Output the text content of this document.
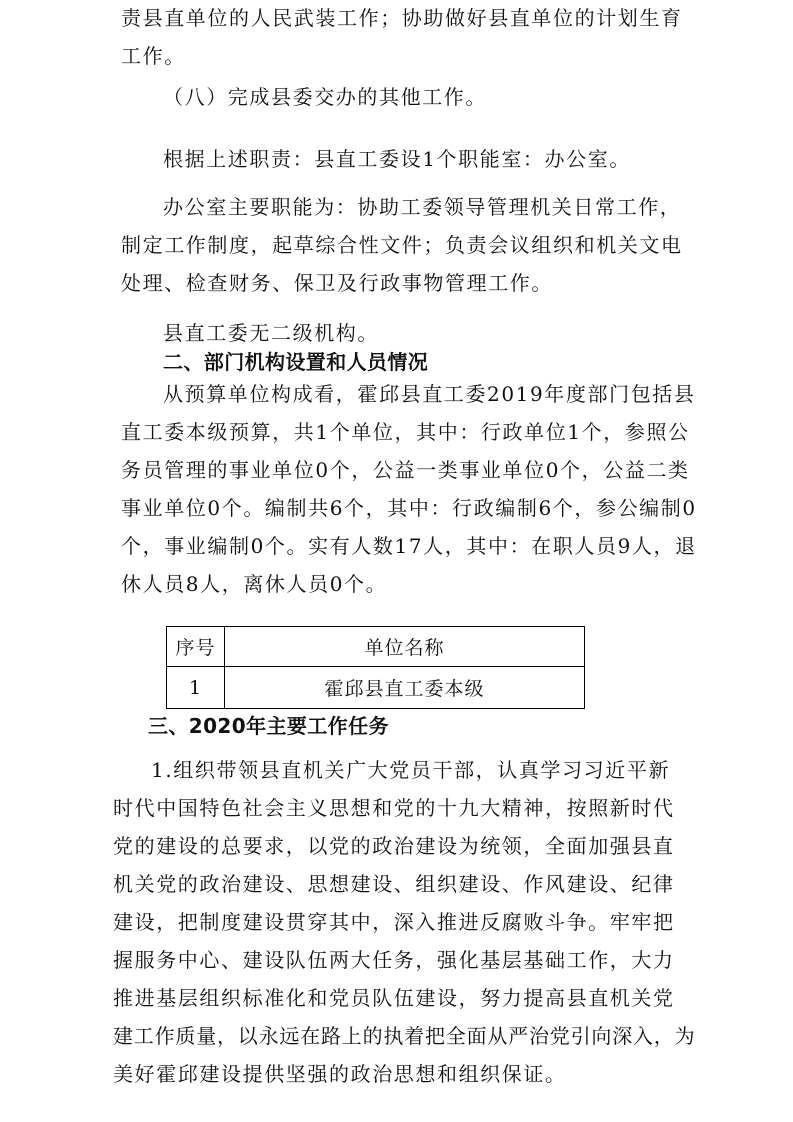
责县直单位的人民武装工作；协助做好县直单位的计划生育

工作。

（八）完成县委交办的其他工作。

根据上述职责：县直工委设1个职能室：办公室。

办公室主要职能为：协助工委领导管理机关日常工作，

制定工作制度，起草综合性文件；负责会议组织和机关文电

处理、检查财务、保卫及行政事物管理工作。

县直工委无二级机构。

二、部门机构设置和人员情况

从预算单位构成看，霍邱县直工委2019年度部门包括县

直工委本级预算，共1个单位，其中：行政单位1个，参照公

务员管理的事业单位0个，公益一类事业单位0个，公益二类

事业单位0个。编制共6个，其中：行政编制6个，参公编制0

个，事业编制0个。实有人数17人，其中：在职人员9人，退

休人员8人，离休人员0个。

序号	单位名称
1	霍邱县直工委本级

三、2020年主要工作任务

1.组织带领县直机关广大党员干部，认真学习习近平新

时代中国特色社会主义思想和党的十九大精神，按照新时代

党的建设的总要求，以党的政治建设为统领，全面加强县直

机关党的政治建设、思想建设、组织建设、作风建设、纪律

建设，把制度建设贯穿其中，深入推进反腐败斗争。牢牢把

握服务中心、建设队伍两大任务，强化基层基础工作，大力

推进基层组织标准化和党员队伍建设，努力提高县直机关党

建工作质量，以永远在路上的执着把全面从严治党引向深入，为

美好霍邱建设提供坚强的政治思想和组织保证。
